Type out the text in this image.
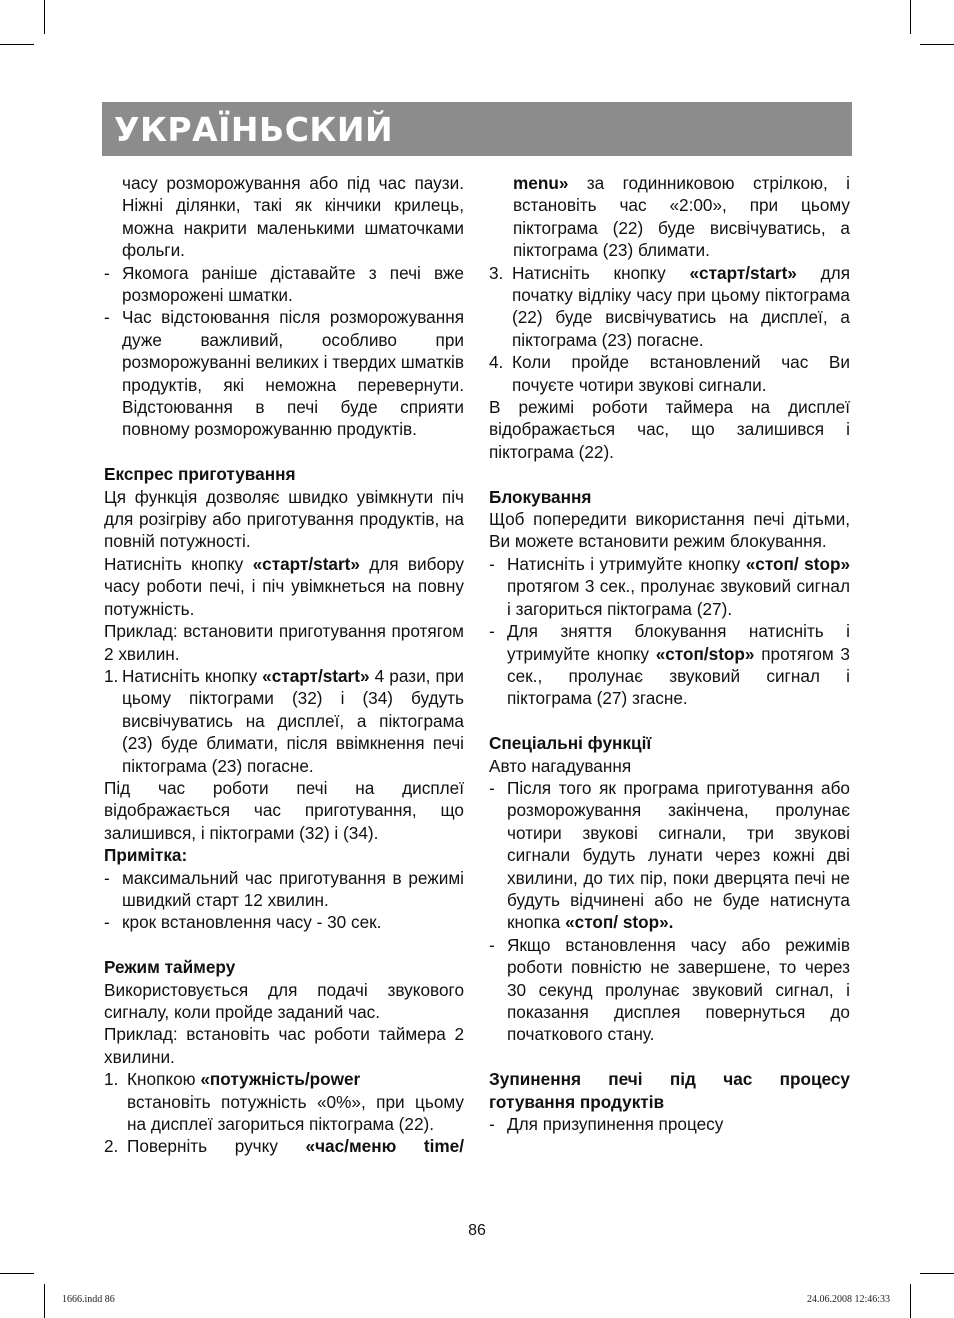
УКРАЇНЬСКИЙ

часу розморожування або під час паузи. Ніжні ділянки, такі як кінчики крилець, можна накрити маленькими шматочками фольги.

- Якомога раніше діставайте з печі вже розморожені шматки.
- Час відстоювання після розморожування дуже важливий, особливо при розморожуванні великих і твердих шматків продуктів, які неможна перевернути. Відстоювання в печі буде сприяти повному розморожуванню продуктів.

Експрес приготування

Ця функція дозволяє швидко увімкнути піч для розігріву або приготування продуктів, на повній потужності.

Натисніть кнопку «старт/start» для вибору часу роботи печі, і піч увімкнеться на повну потужність.

Приклад: встановити приготування протягом 2 хвилин.

1. Натисніть кнопку «старт/start» 4 рази, при цьому піктограми (32) і (34) будуть висвічуватись на дисплеї, а піктограма (23) буде блимати, після ввімкнення печі піктограма (23) погасне.

Під час роботи печі на дисплеї відображається час приготування, що залишився, і піктограми (32) і (34).

Примітка:

- максимальний час приготування в режимі швидкий старт 12 хвилин.
- крок встановлення часу - 30 сек.

Режим таймеру

Використовується для подачі звукового сигналу, коли пройде заданий час.

Приклад: встановіть час роботи таймера 2 хвилини.

1. Кнопкою «потужність/power
встановіть потужність «0%», при цьому на дисплеї загориться піктограма (22).
2. Поверніть ручку «час/меню time/

menu» за годинниковою стрілкою, і встановіть час «2:00», при цьому піктограма (22) буде висвічуватись, а піктограма (23) блимати.

3. Натисніть кнопку «старт/start» для початку відліку часу при цьому піктограма (22) буде висвічуватись на дисплеї, а піктограма (23) погасне.
4. Коли пройде встановлений час Ви почуєте чотири звукові сигнали.

В режимі роботи таймера на дисплеї відображається час, що залишився і піктограма (22).

Блокування

Щоб попередити використання печі дітьми, Ви можете встановити режим блокування.

- Натисніть і утримуйте кнопку «стоп/ stop» протягом 3 сек., пролунає звуковий сигнал і загориться піктограма (27).
- Для зняття блокування натисніть і утримуйте кнопку «стоп/stop» протягом 3 сек., пролунає звуковий сигнал і піктограма (27) згасне.

Спеціальні функції

Авто нагадування

- Після того як програма приготування або розморожування закінчена, пролунає чотири звукові сигнали, три звукові сигнали будуть лунати через кожні дві хвилини, до тих пір, поки дверцята печі не будуть відчинені або не буде натиснута кнопка «стоп/ stop».
- Якщо встановлення часу або режимів роботи повністю не завершене, то через 30 секунд пролунає звуковий сигнал, і показання дисплея повернуться до початкового стану.

Зупинення печі під час процесу готування продуктів

- Для призупинення процесу
86
1666.indd 86	24.06.2008 12:46:33
